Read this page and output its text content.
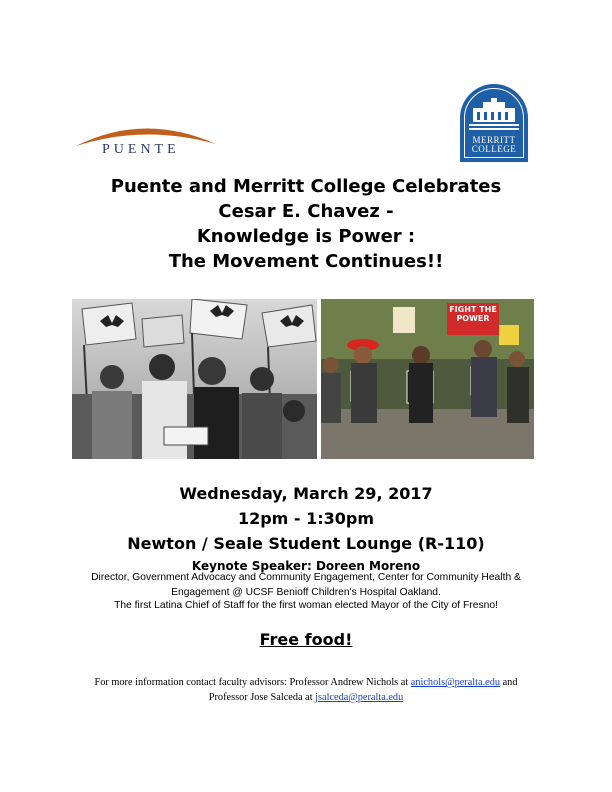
PUENTE
MERRITT
COLLEGE
Puente and Merritt College Celebrates
Cesar E. Chavez -
Knowledge is Power :
The Movement Continues!!
FIGHT THE POWER
Wednesday, March 29, 2017
12pm - 1:30pm
Newton / Seale Student Lounge (R-110)
Keynote Speaker: Doreen Moreno
Director, Government Advocacy and Community Engagement, Center for Community Health &
Engagement @ UCSF Benioff Children's Hospital Oakland.
The first Latina Chief of Staff for the first woman elected Mayor of the City of Fresno!
Free food!
For more information contact faculty advisors: Professor Andrew Nichols at anichols@peralta.edu and
Professor Jose Salceda at jsalceda@peralta.edu
